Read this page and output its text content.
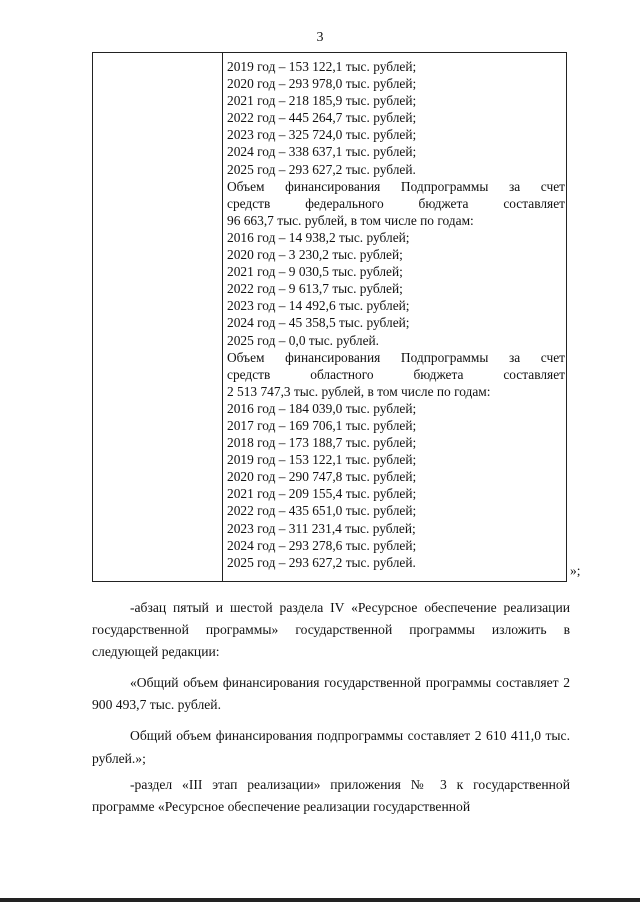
3
2019 год – 153 122,1 тыс. рублей;
2020 год – 293 978,0 тыс. рублей;
2021 год – 218 185,9 тыс. рублей;
2022 год – 445 264,7 тыс. рублей;
2023 год – 325 724,0 тыс. рублей;
2024 год – 338 637,1 тыс. рублей;
2025 год – 293 627,2 тыс. рублей.
Объем финансирования Подпрограммы за счет
средств федерального бюджета составляет
96 663,7 тыс. рублей, в том числе по годам:
2016 год – 14 938,2 тыс. рублей;
2020 год – 3 230,2 тыс. рублей;
2021 год – 9 030,5 тыс. рублей;
2022 год – 9 613,7 тыс. рублей;
2023 год – 14 492,6 тыс. рублей;
2024 год – 45 358,5 тыс. рублей;
2025 год – 0,0 тыс. рублей.
Объем финансирования Подпрограммы за счет
средств областного бюджета составляет
2 513 747,3 тыс. рублей, в том числе по годам:
2016 год – 184 039,0 тыс. рублей;
2017 год – 169 706,1 тыс. рублей;
2018 год – 173 188,7 тыс. рублей;
2019 год – 153 122,1 тыс. рублей;
2020 год – 290 747,8 тыс. рублей;
2021 год – 209 155,4 тыс. рублей;
2022 год – 435 651,0 тыс. рублей;
2023 год – 311 231,4 тыс. рублей;
2024 год – 293 278,6 тыс. рублей;
2025 год – 293 627,2 тыс. рублей.
»;

-абзац пятый и шестой раздела IV «Ресурсное обеспечение реализации государственной программы» государственной программы изложить в следующей редакции:

«Общий объем финансирования государственной программы составляет 2 900 493,7 тыс. рублей.

Общий объем финансирования подпрограммы составляет 2 610 411,0 тыс. рублей.»;

-раздел «III этап реализации» приложения № 3 к государственной программе «Ресурсное обеспечение реализации государственной
